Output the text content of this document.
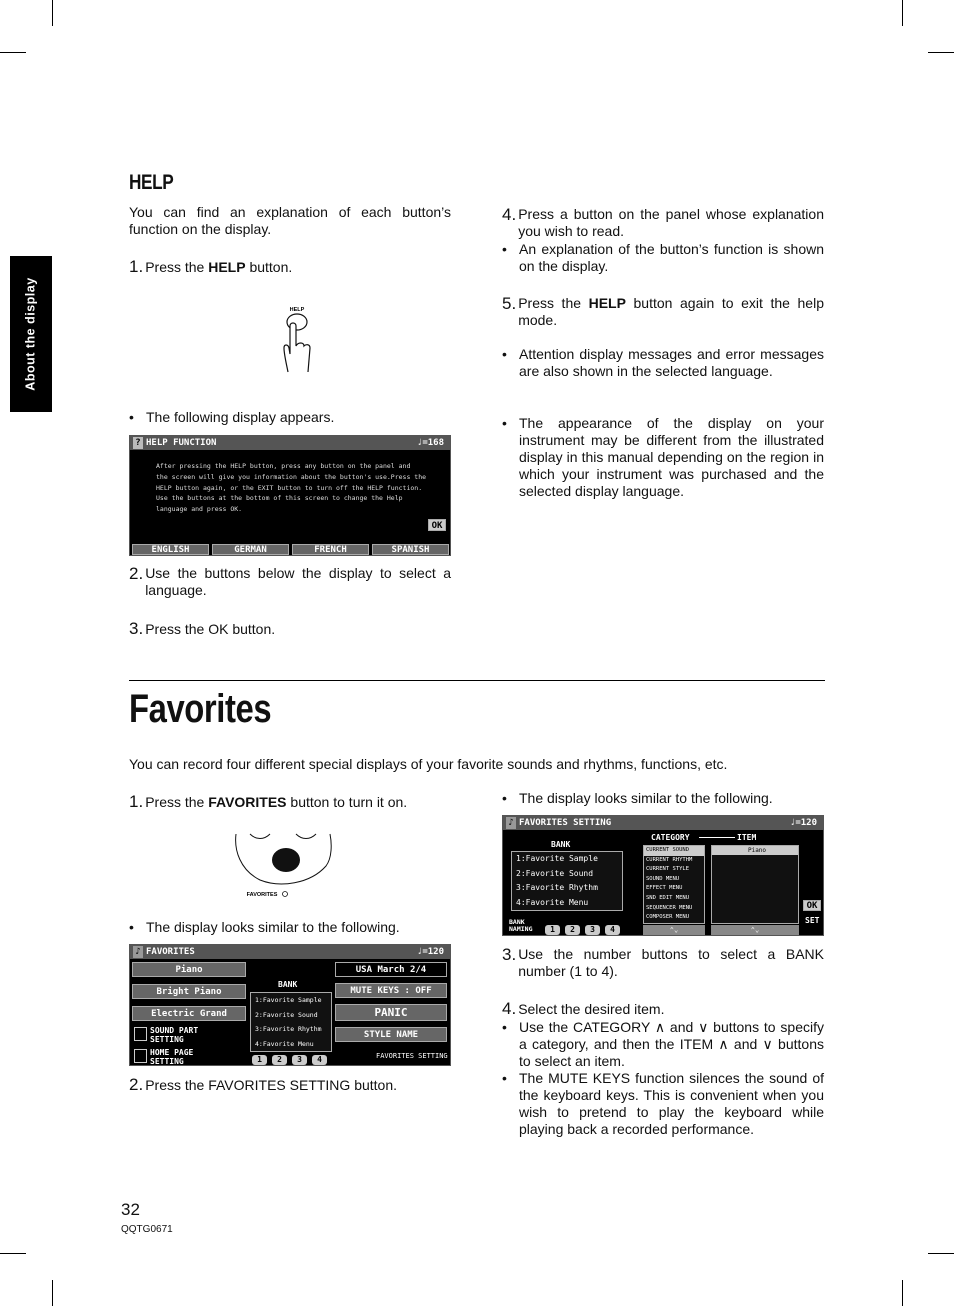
About the display
HELP
You can find an explanation of each button’s function on the display.
1. Press the HELP button.
HELP
• The following display appears.
? HELP FUNCTION	♩=168
After pressing the HELP button, press any button on the panel and
the screen will give you information about the button's use.Press the
HELP button again, or the EXIT button to turn off the HELP function.
Use the buttons at the bottom of this screen to change the Help
language and press OK.
OK
ENGLISH	GERMAN	FRENCH	SPANISH
2. Use the buttons below the display to select a language.
3. Press the OK button.
4. Press a button on the panel whose explanation you wish to read.
• An explanation of the button’s function is shown on the display.
5. Press the HELP button again to exit the help mode.
• Attention display messages and error messages are also shown in the selected language.
• The appearance of the display on your instrument may be different from the illustrated display in this manual depending on the region in which your instrument was purchased and the selected display language.
Favorites
You can record four different special displays of your favorite sounds and rhythms, functions, etc.
1. Press the FAVORITES button to turn it on.
FAVORITES
• The display looks similar to the following.
♪ FAVORITES	♩=120
Piano
Bright Piano
Electric Grand
SOUND PART
SETTING
HOME PAGE
SETTING
BANK
1:Favorite Sample
2:Favorite Sound
3:Favorite Rhythm
4:Favorite Menu
1	2	3	4
USA March 2/4
MUTE KEYS : OFF
PANIC
STYLE NAME
FAVORITES SETTING
2. Press the FAVORITES SETTING button.
• The display looks similar to the following.
♪ FAVORITES SETTING	♩=120
BANK
1:Favorite Sample
2:Favorite Sound
3:Favorite Rhythm
4:Favorite Menu
CATEGORY	ITEM
CURRENT SOUND
CURRENT RHYTHM
CURRENT STYLE
SOUND MENU
EFFECT MENU
SND EDIT MENU
SEQUENCER MENU
COMPOSER MENU
Piano
⌃⌄	⌃⌄
BANK
NAMING	1	2	3	4
OK
SET
3. Use the number buttons to select a BANK number (1 to 4).
4. Select the desired item.
• Use the CATEGORY ∧ and ∨ buttons to specify a category, and then the ITEM ∧ and ∨ buttons to select an item.
• The MUTE KEYS function silences the sound of the keyboard keys. This is convenient when you wish to pretend to play the keyboard while playing back a recorded performance.
32
QQTG0671
